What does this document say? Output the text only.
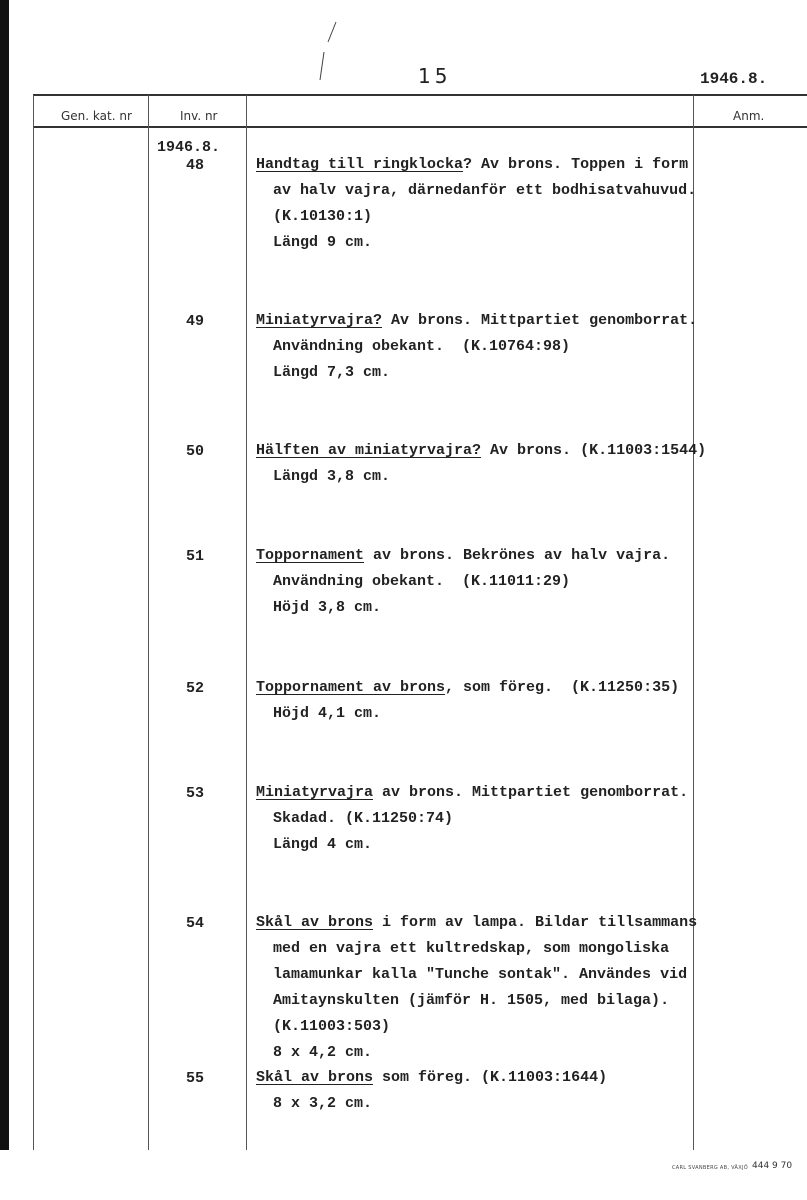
15	1946.8.
Gen. kat. nr	Inv. nr	Anm.
1946.8.
48	Handtag till ringklocka? Av brons. Toppen i form
av halv vajra, därnedanför ett bodhisatvahuvud.
(K.10130:1)
Längd 9 cm.
49	Miniatyrvajra? Av brons. Mittpartiet genomborrat.
Användning obekant.  (K.10764:98)
Längd 7,3 cm.
50	Hälften av miniatyrvajra? Av brons. (K.11003:1544)
Längd 3,8 cm.
51	Toppornament av brons. Bekrönes av halv vajra.
Användning obekant.  (K.11011:29)
Höjd 3,8 cm.
52	Toppornament av brons, som föreg.  (K.11250:35)
Höjd 4,1 cm.
53	Miniatyrvajra av brons. Mittpartiet genomborrat.
Skadad. (K.11250:74)
Längd 4 cm.
54	Skål av brons i form av lampa. Bildar tillsammans
med en vajra ett kultredskap, som mongoliska
lamamunkar kalla "Tunche sontak". Användes vid
Amitaynskulten (jämför H. 1505, med bilaga).
(K.11003:503)
8 x 4,2 cm.
55	Skål av brons som föreg. (K.11003:1644)
8 x 3,2 cm.
CARL SVANBERG AB, VÄXJÖ 444 9 70
